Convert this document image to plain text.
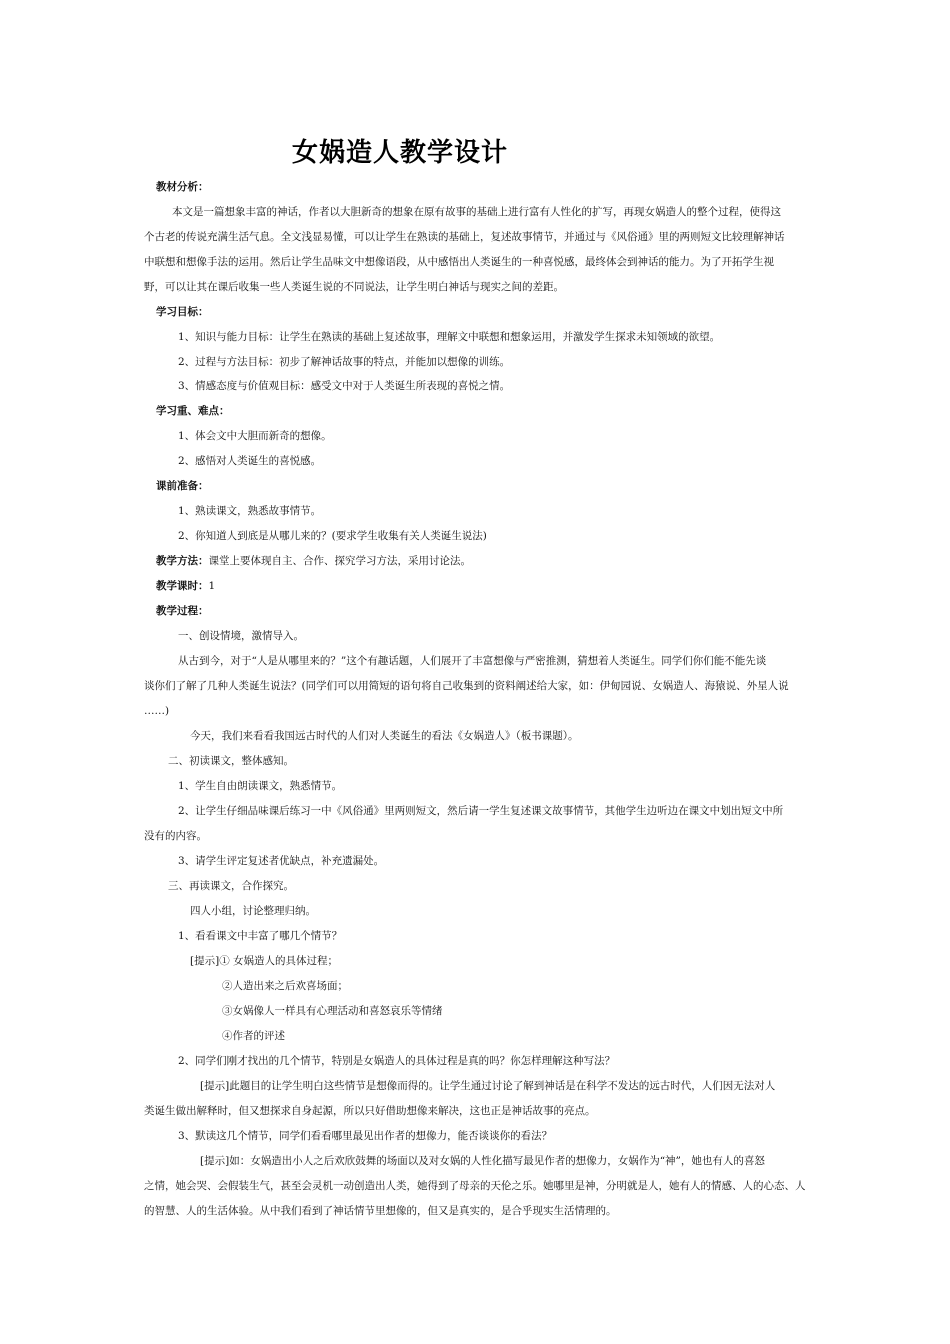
女娲造人教学设计
教材分析：
本文是一篇想象丰富的神话，作者以大胆新奇的想象在原有故事的基础上进行富有人性化的扩写，再现女娲造人的整个过程，使得这
个古老的传说充满生活气息。全文浅显易懂，可以让学生在熟读的基础上，复述故事情节，并通过与《风俗通》里的两则短文比较理解神话
中联想和想像手法的运用。然后让学生品味文中想像语段，从中感悟出人类诞生的一种喜悦感，最终体会到神话的能力。为了开拓学生视
野，可以让其在课后收集一些人类诞生说的不同说法，让学生明白神话与现实之间的差距。
学习目标：
1、知识与能力目标：让学生在熟读的基础上复述故事，理解文中联想和想象运用，并激发学生探求未知领域的欲望。
2、过程与方法目标：初步了解神话故事的特点，并能加以想像的训练。
3、情感态度与价值观目标：感受文中对于人类诞生所表现的喜悦之情。
学习重、难点：
1、体会文中大胆而新奇的想像。
2、感悟对人类诞生的喜悦感。
课前准备：
1、熟读课文，熟悉故事情节。
2、你知道人到底是从哪儿来的？(要求学生收集有关人类诞生说法)
教学方法：课堂上要体现自主、合作、探究学习方法，采用讨论法。
教学课时：1
教学过程：
一、创设情境，激情导入。
从古到今，对于“人是从哪里来的？”这个有趣话题，人们展开了丰富想像与严密推测，猜想着人类诞生。同学们你们能不能先谈
谈你们了解了几种人类诞生说法？(同学们可以用简短的语句将自己收集到的资料阐述给大家，如：伊甸园说、女娲造人、海猿说、外星人说
……)
今天，我们来看看我国远古时代的人们对人类诞生的看法《女娲造人》（板书课题）。
二、初读课文，整体感知。
1、学生自由朗读课文，熟悉情节。
2、让学生仔细品味课后练习一中《风俗通》里两则短文，然后请一学生复述课文故事情节，其他学生边听边在课文中划出短文中所
没有的内容。
3、请学生评定复述者优缺点，补充遗漏处。
三、再读课文，合作探究。
四人小组，讨论整理归纳。
1、看看课文中丰富了哪几个情节？
[提示]① 女娲造人的具体过程；
②人造出来之后欢喜场面；
③女娲像人一样具有心理活动和喜怒哀乐等情绪
④作者的评述
2、同学们刚才找出的几个情节，特别是女娲造人的具体过程是真的吗？你怎样理解这种写法？
[提示]此题目的让学生明白这些情节是想像而得的。让学生通过讨论了解到神话是在科学不发达的远古时代，人们因无法对人
类诞生做出解释时，但又想探求自身起源，所以只好借助想像来解决，这也正是神话故事的亮点。
3、默读这几个情节，同学们看看哪里最见出作者的想像力，能否谈谈你的看法？
[提示]如：女娲造出小人之后欢欣鼓舞的场面以及对女娲的人性化描写最见作者的想像力，女娲作为“神”，她也有人的喜怒
之情，她会哭、会假装生气，甚至会灵机一动创造出人类，她得到了母亲的天伦之乐。她哪里是神，分明就是人，她有人的情感、人的心态、人
的智慧、人的生活体验。从中我们看到了神话情节里想像的，但又是真实的，是合乎现实生活情理的。
